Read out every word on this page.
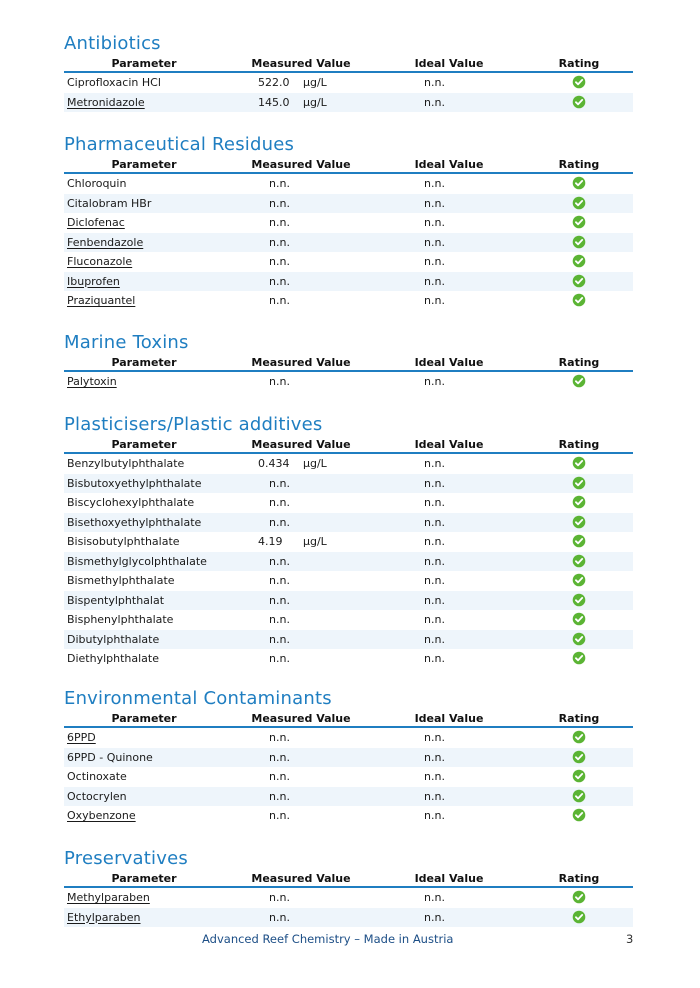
Antibiotics
Parameter	Measured Value	Ideal Value	Rating
Ciprofloxacin HCl	522.0 µg/L	n.n.
Metronidazole	145.0 µg/L	n.n.
Pharmaceutical Residues
Parameter	Measured Value	Ideal Value	Rating
Chloroquin	n.n.	n.n.
Citalobram HBr	n.n.	n.n.
Diclofenac	n.n.	n.n.
Fenbendazole	n.n.	n.n.
Fluconazole	n.n.	n.n.
Ibuprofen	n.n.	n.n.
Praziquantel	n.n.	n.n.
Marine Toxins
Parameter	Measured Value	Ideal Value	Rating
Palytoxin	n.n.	n.n.
Plasticisers/Plastic additives
Parameter	Measured Value	Ideal Value	Rating
Benzylbutylphthalate	0.434 µg/L	n.n.
Bisbutoxyethylphthalate	n.n.	n.n.
Biscyclohexylphthalate	n.n.	n.n.
Bisethoxyethylphthalate	n.n.	n.n.
Bisisobutylphthalate	4.19 µg/L	n.n.
Bismethylglycolphthalate	n.n.	n.n.
Bismethylphthalate	n.n.	n.n.
Bispentylphthalat	n.n.	n.n.
Bisphenylphthalate	n.n.	n.n.
Dibutylphthalate	n.n.	n.n.
Diethylphthalate	n.n.	n.n.
Environmental Contaminants
Parameter	Measured Value	Ideal Value	Rating
6PPD	n.n.	n.n.
6PPD - Quinone	n.n.	n.n.
Octinoxate	n.n.	n.n.
Octocrylen	n.n.	n.n.
Oxybenzone	n.n.	n.n.
Preservatives
Parameter	Measured Value	Ideal Value	Rating
Methylparaben	n.n.	n.n.
Ethylparaben	n.n.	n.n.
Advanced Reef Chemistry – Made in Austria	3
